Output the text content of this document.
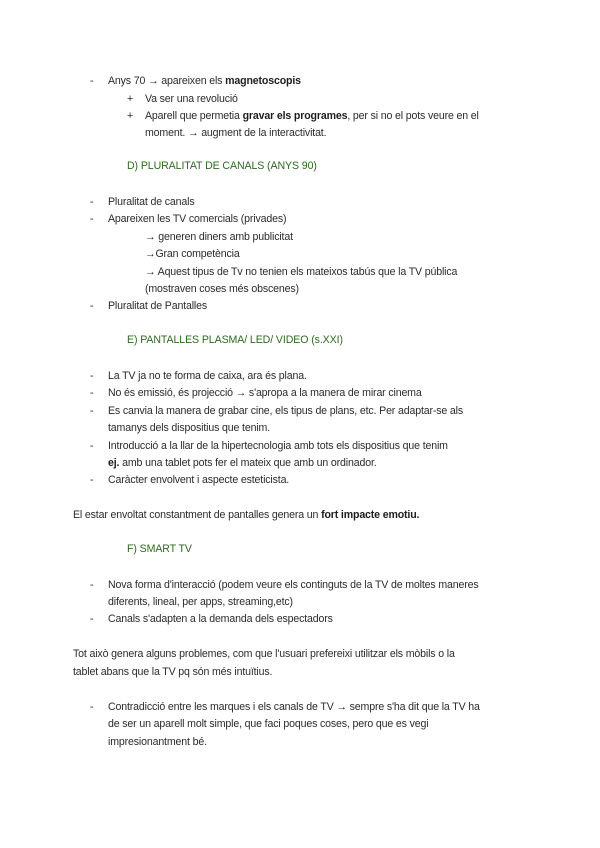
- Anys 70 → apareixen els magnetoscopis
+ Va ser una revolució
+ Aparell que permetia gravar els programes, per si no el pots veure en el
moment. → augment de la interactivitat.
D) PLURALITAT DE CANALS (ANYS 90)
- Pluralitat de canals
- Apareixen les TV comercials (privades)
→ generen diners amb publicitat
→Gran competència
→ Aquest tipus de Tv no tenien els mateixos tabús que la TV pública
(mostraven coses més obscenes)
- Pluralitat de Pantalles
E) PANTALLES PLASMA/ LED/ VIDEO (s.XXI)
- La TV ja no te forma de caixa, ara és plana.
- No és emissió, és projecció → s'apropa a la manera de mirar cinema
- Es canvia la manera de grabar cine, els tipus de plans, etc. Per adaptar-se als
tamanys dels dispositius que tenim.
- Introducció a la llar de la hipertecnologia amb tots els dispositius que tenim
ej. amb una tablet pots fer el mateix que amb un ordinador.
- Caràcter envolvent i aspecte esteticista.
El estar envoltat constantment de pantalles genera un fort impacte emotiu.
F) SMART TV
- Nova forma d'interacció (podem veure els continguts de la TV de moltes maneres
diferents, lineal, per apps, streaming,etc)
- Canals s'adapten a la demanda dels espectadors
Tot això genera alguns problemes, com que l'usuari prefereixi utilitzar els mòbils o la
tablet abans que la TV pq són més intuïtius.
- Contradicció entre les marques i els canals de TV → sempre s'ha dit que la TV ha
de ser un aparell molt simple, que faci poques coses, pero que es vegi
impresionantment bé.
